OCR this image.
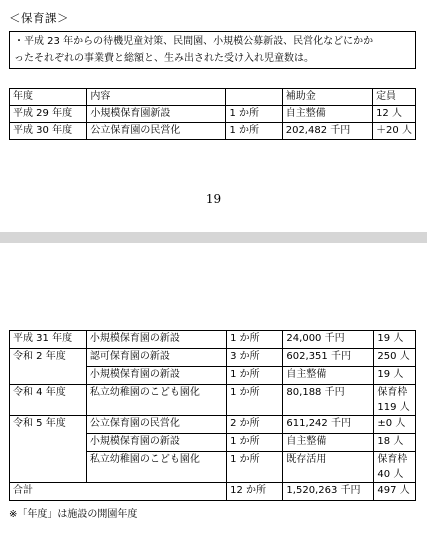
＜保育課＞
・平成 23 年からの待機児童対策、民間園、小規模公募新設、民営化などにかか
ったそれぞれの事業費と総額と、生み出された受け入れ児童数は。
年度	内容		補助金	定員
平成 29 年度	小規模保育園新設	1 か所	自主整備	12 人
平成 30 年度	公立保育園の民営化	1 か所	202,482 千円	＋20 人
19
平成 31 年度	小規模保育園の新設	1 か所	24,000 千円	19 人
令和 2 年度	認可保育園の新設	3 か所	602,351 千円	250 人
	小規模保育園の新設	1 か所	自主整備	19 人
令和 4 年度	私立幼稚園のこども園化	1 か所	80,188 千円	保育枠
119 人

令和 5 年度	公立保育園の民営化	2 か所	611,242 千円	±0 人
	小規模保育園の新設	1 か所	自主整備	18 人
	私立幼稚園のこども園化	1 か所	既存活用	保育枠
40 人

合計		12 か所	1,520,263 千円	497 人
※「年度」は施設の開園年度
